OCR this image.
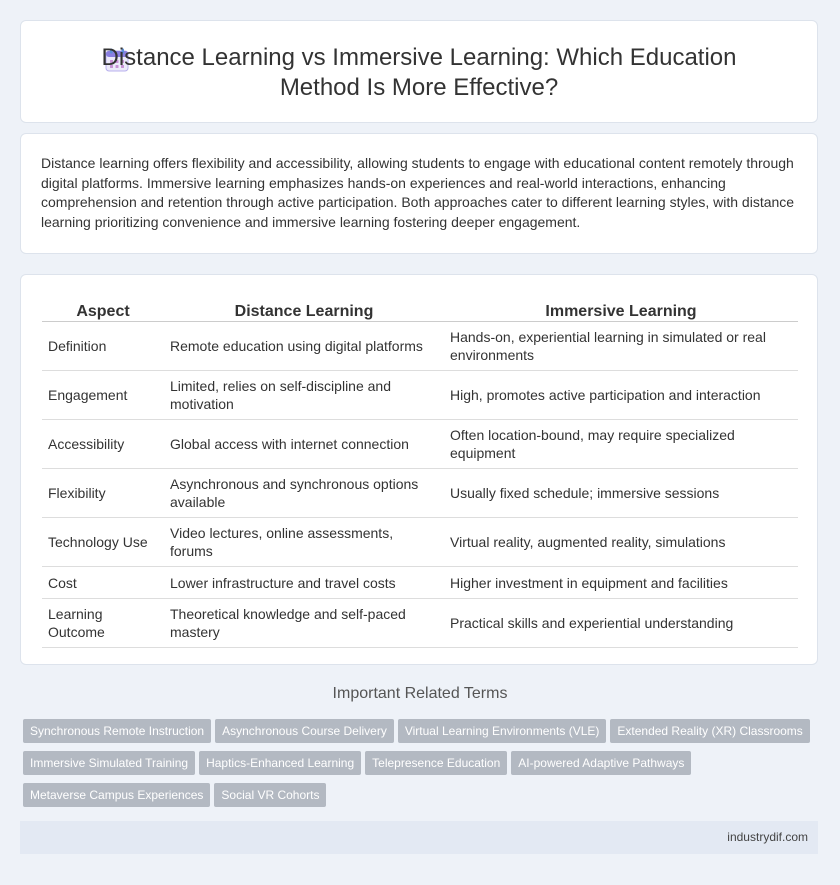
Distance Learning vs Immersive Learning: Which Education
Method Is More Effective?

Distance learning offers flexibility and accessibility, allowing students to engage with educational content remotely through digital platforms. Immersive learning emphasizes hands-on experiences and real-world interactions, enhancing comprehension and retention through active participation. Both approaches cater to different learning styles, with distance learning prioritizing convenience and immersive learning fostering deeper engagement.

Aspect	Distance Learning	Immersive Learning
Definition	Remote education using digital platforms	Hands-on, experiential learning in simulated or real environments
Engagement	Limited, relies on self-discipline and motivation	High, promotes active participation and interaction
Accessibility	Global access with internet connection	Often location-bound, may require specialized equipment
Flexibility	Asynchronous and synchronous options available	Usually fixed schedule; immersive sessions
Technology Use	Video lectures, online assessments, forums	Virtual reality, augmented reality, simulations
Cost	Lower infrastructure and travel costs	Higher investment in equipment and facilities
Learning Outcome	Theoretical knowledge and self-paced mastery	Practical skills and experiential understanding
Important Related Terms
Synchronous Remote Instruction Asynchronous Course Delivery Virtual Learning Environments (VLE) Extended Reality (XR) Classrooms
Immersive Simulated Training Haptics-Enhanced Learning Telepresence Education AI-powered Adaptive Pathways
Metaverse Campus Experiences Social VR Cohorts
industrydif.com
